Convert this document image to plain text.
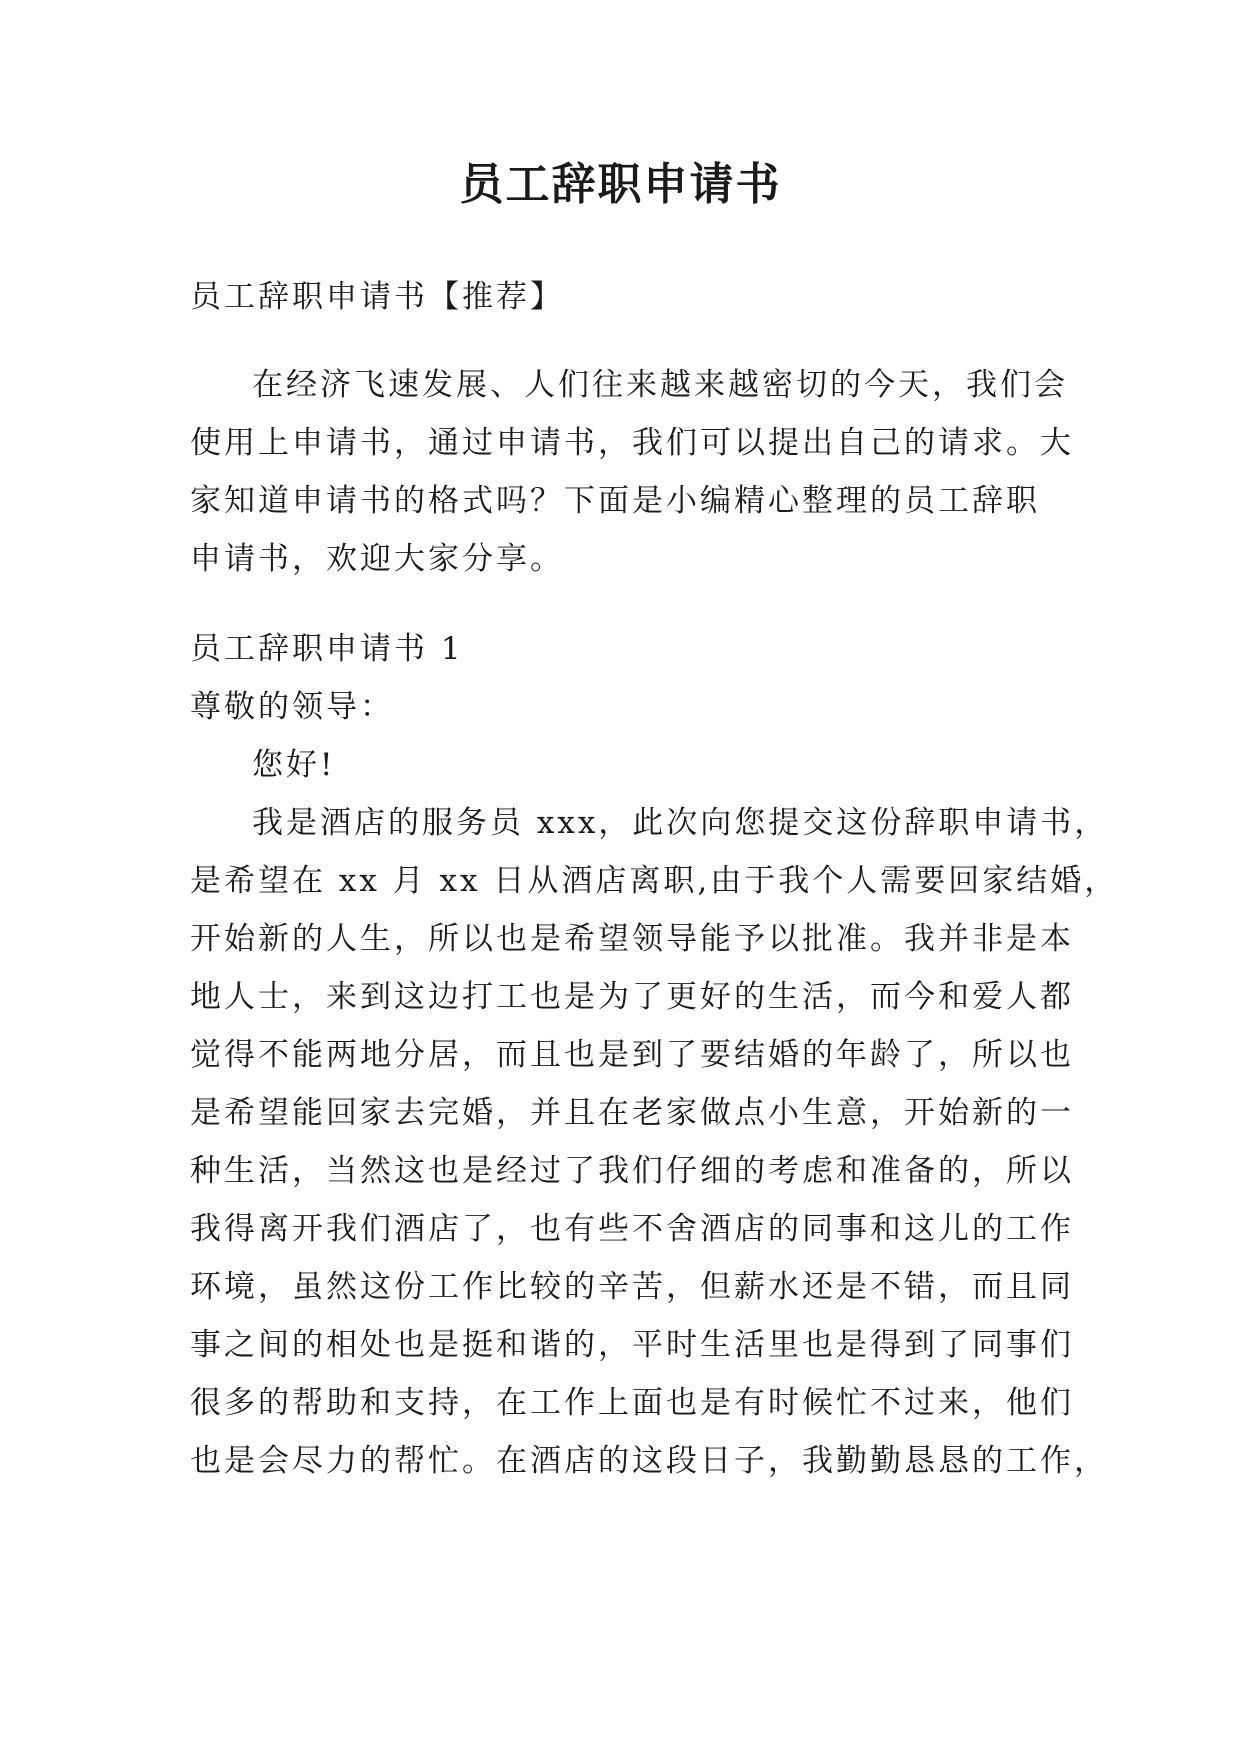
员工辞职申请书
员工辞职申请书【推荐】
在经济飞速发展、人们往来越来越密切的今天，我们会
使用上申请书，通过申请书，我们可以提出自己的请求。大
家知道申请书的格式吗？下面是小编精心整理的员工辞职
申请书，欢迎大家分享。
员工辞职申请书 1
尊敬的领导：
您好!
我是酒店的服务员 xxx，此次向您提交这份辞职申请书，
是希望在 xx 月 xx 日从酒店离职,由于我个人需要回家结婚，
开始新的人生，所以也是希望领导能予以批准。我并非是本
地人士，来到这边打工也是为了更好的生活，而今和爱人都
觉得不能两地分居，而且也是到了要结婚的年龄了，所以也
是希望能回家去完婚，并且在老家做点小生意，开始新的一
种生活，当然这也是经过了我们仔细的考虑和准备的，所以
我得离开我们酒店了，也有些不舍酒店的同事和这儿的工作
环境，虽然这份工作比较的辛苦，但薪水还是不错，而且同
事之间的相处也是挺和谐的，平时生活里也是得到了同事们
很多的帮助和支持，在工作上面也是有时候忙不过来，他们
也是会尽力的帮忙。在酒店的这段日子，我勤勤恳恳的工作，
